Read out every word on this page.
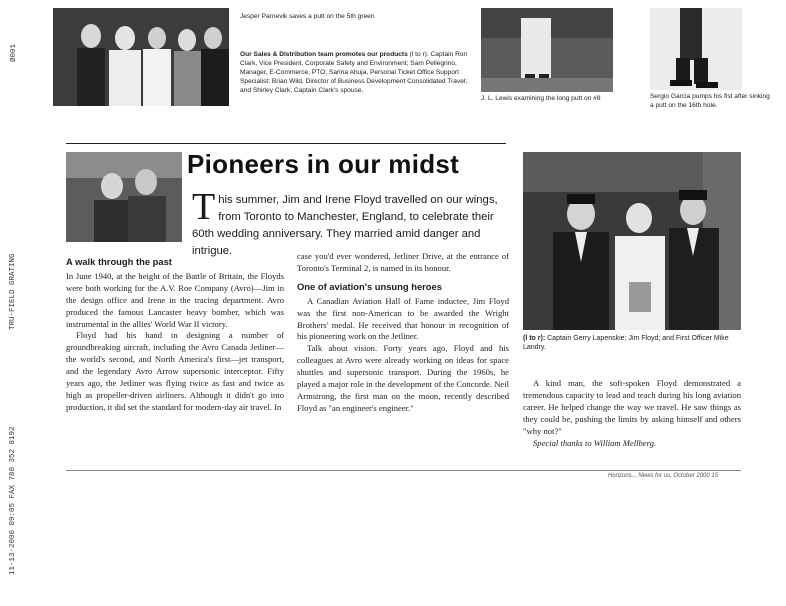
Ø001
TRU-FIELD GRATING
11-13-2000 09:05 FAX 780 352 8192
Jesper Parnevik saves a putt on the 5th green
Our Sales & Distribution team promotes our products (l to r): Captain Ron Clark, Vice President, Corporate Safety and Environment; Sam Pellegrino, Manager, E-Commerce, PTO; Sarina Ahuja, Personal Ticket Office Support Specialist; Brian Wild, Director of Business Development Consolidated Travel; and Shirley Clark, Captain Clark's spouse.
J. L. Lewis examining the long putt on #8	Sergio Garcia pumps his fist after sinking a putt on the 16th hole.
Pioneers in our midst
This summer, Jim and Irene Floyd travelled on our wings, from Toronto to Manchester, England, to celebrate their 60th wedding anniversary. They married amid danger and intrigue.
A walk through the past

In June 1940, at the height of the Battle of Britain, the Floyds were both working for the A.V. Roe Company (Avro)—Jim in the design office and Irene in the tracing department. Avro produced the famous Lancaster heavy bomber, which was instrumental in the allies' World War II victory.

Floyd had his hand in designing a number of groundbreaking aircraft, including the Avro Canada Jetliner—the world's second, and North America's first—jet transport, and the legendary Avro Arrow supersonic interceptor. Fifty years ago, the Jetliner was flying twice as fast and twice as high as propeller-driven airliners. Although it didn't go into production, it did set the standard for modern-day air travel. In

case you'd ever wondered, Jetliner Drive, at the entrance of Toronto's Terminal 2, is named in its honour.

One of aviation's unsung heroes

A Canadian Aviation Hall of Fame inductee, Jim Floyd was the first non-American to be awarded the Wright Brothers' medal. He received that honour in recognition of his pioneering work on the Jetliner.

Talk about vision. Forty years ago, Floyd and his colleagues at Avro were already working on ideas for space shuttles and supersonic transport. During the 1960s, he played a major role in the development of the Concorde. Neil Armstrong, the first man on the moon, recently described Floyd as "an engineer's engineer."

(l to r): Captain Gerry Lapenskie; Jim Floyd; and First Officer Mike Landry.

A kind man, the soft-spoken Floyd demonstrated a tremendous capacity to lead and teach during his long aviation career. He helped change the way we travel. He saw things as they could be, pushing the limits by asking himself and others "why not?"

Special thanks to William Mellberg.

Horizons... News for us, October 2000 15
